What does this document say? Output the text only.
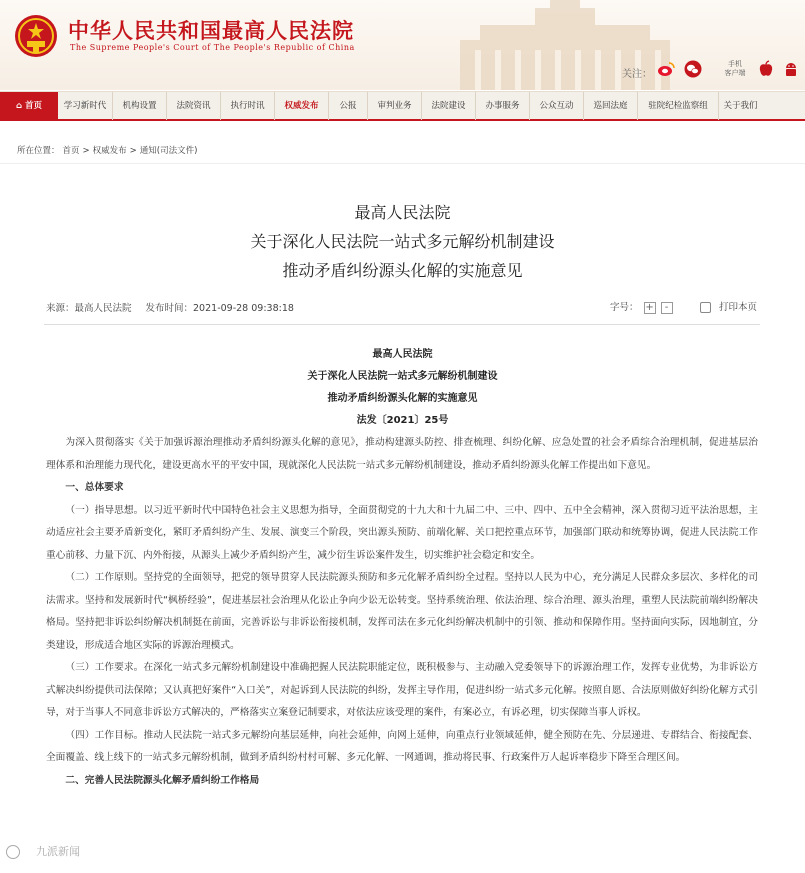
中华人民共和国最高人民法院
The Supreme People's Court of The People's Republic of China
关注：
手机
客户端
⌂ 首页	学习新时代	机构设置	法院资讯	执行时讯	权威发布	公报	审判业务	法院建设	办事服务	公众互动	巡回法庭	驻院纪检监察组	关于我们
所在位置： 首页 > 权威发布 > 通知(司法文件)
最高人民法院
关于深化人民法院一站式多元解纷机制建设
推动矛盾纠纷源头化解的实施意见
来源：最高人民法院 发布时间：2021-09-28 09:38:18	字号： + -	打印本页
最高人民法院
关于深化人民法院一站式多元解纷机制建设
推动矛盾纠纷源头化解的实施意见
法发〔2021〕25号

为深入贯彻落实《关于加强诉源治理推动矛盾纠纷源头化解的意见》，推动构建源头防控、排查梳理、纠纷化解、应急处置的社会矛盾综合治理机制，促进基层治理体系和治理能力现代化，建设更高水平的平安中国，现就深化人民法院一站式多元解纷机制建设，推动矛盾纠纷源头化解工作提出如下意见。

一、总体要求

（一）指导思想。以习近平新时代中国特色社会主义思想为指导，全面贯彻党的十九大和十九届二中、三中、四中、五中全会精神，深入贯彻习近平法治思想，主动适应社会主要矛盾新变化，紧盯矛盾纠纷产生、发展、演变三个阶段，突出源头预防、前端化解、关口把控重点环节，加强部门联动和统筹协调，促进人民法院工作重心前移、力量下沉、内外衔接，从源头上减少矛盾纠纷产生，减少衍生诉讼案件发生，切实维护社会稳定和安全。

（二）工作原则。坚持党的全面领导，把党的领导贯穿人民法院源头预防和多元化解矛盾纠纷全过程。坚持以人民为中心，充分满足人民群众多层次、多样化的司法需求。坚持和发展新时代“枫桥经验”，促进基层社会治理从化讼止争向少讼无讼转变。坚持系统治理、依法治理、综合治理、源头治理，重塑人民法院前端纠纷解决格局。坚持把非诉讼纠纷解决机制挺在前面，完善诉讼与非诉讼衔接机制，发挥司法在多元化纠纷解决机制中的引领、推动和保障作用。坚持面向实际，因地制宜，分类建设，形成适合地区实际的诉源治理模式。

（三）工作要求。在深化一站式多元解纷机制建设中准确把握人民法院职能定位，既积极参与、主动融入党委领导下的诉源治理工作，发挥专业优势，为非诉讼方式解决纠纷提供司法保障；又认真把好案件“入口关”，对起诉到人民法院的纠纷，发挥主导作用，促进纠纷一站式多元化解。按照自愿、合法原则做好纠纷化解方式引导，对于当事人不同意非诉讼方式解决的，严格落实立案登记制要求，对依法应该受理的案件，有案必立，有诉必理，切实保障当事人诉权。

（四）工作目标。推动人民法院一站式多元解纷向基层延伸，向社会延伸，向网上延伸，向重点行业领域延伸，健全预防在先、分层递进、专群结合、衔接配套、全面覆盖、线上线下的一站式多元解纷机制，做到矛盾纠纷村村可解、多元化解、一网通调，推动将民事、行政案件万人起诉率稳步下降至合理区间。

二、完善人民法院源头化解矛盾纠纷工作格局

九派新闻
